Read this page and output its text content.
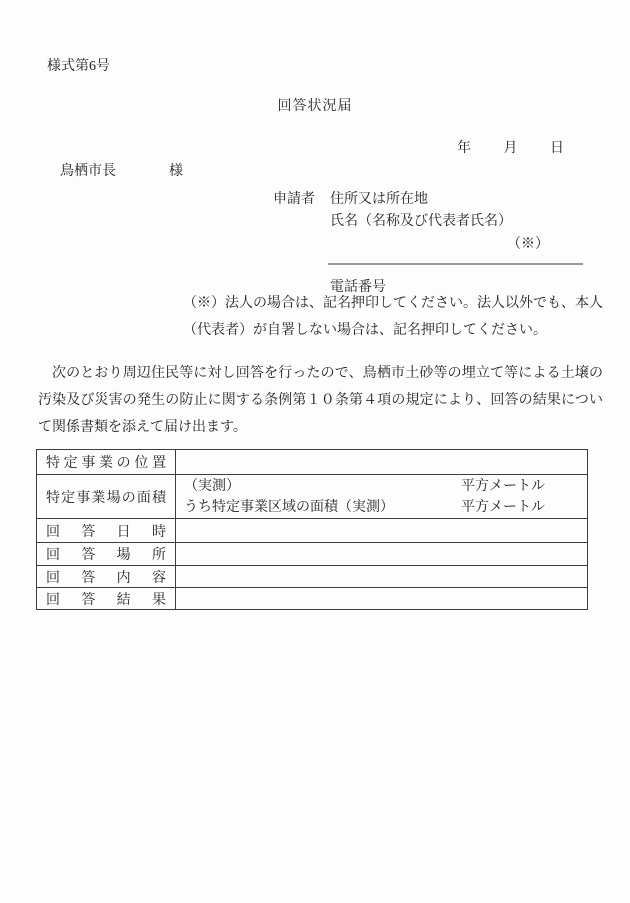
様式第6号
回答状況届
年 月 日
鳥栖市長	様
申請者 住所又は所在地
氏名（名称及び代表者氏名）
（※）
電話番号
（※）法人の場合は、記名押印してください。法人以外でも、本人
（代表者）が自署しない場合は、記名押印してください。

次のとおり周辺住民等に対し回答を行ったので、鳥栖市土砂等の埋立て等による土壌の汚染及び災害の発生の防止に関する条例第１０条第４項の規定により、回答の結果について関係書類を添えて届け出ます。

特定事業の位置	
特定事業場の面積	（実測） 平方メートル
うち特定事業区域の面積（実測） 平方メートル

回答日時	
回答場所	
回答内容	
回答結果	
